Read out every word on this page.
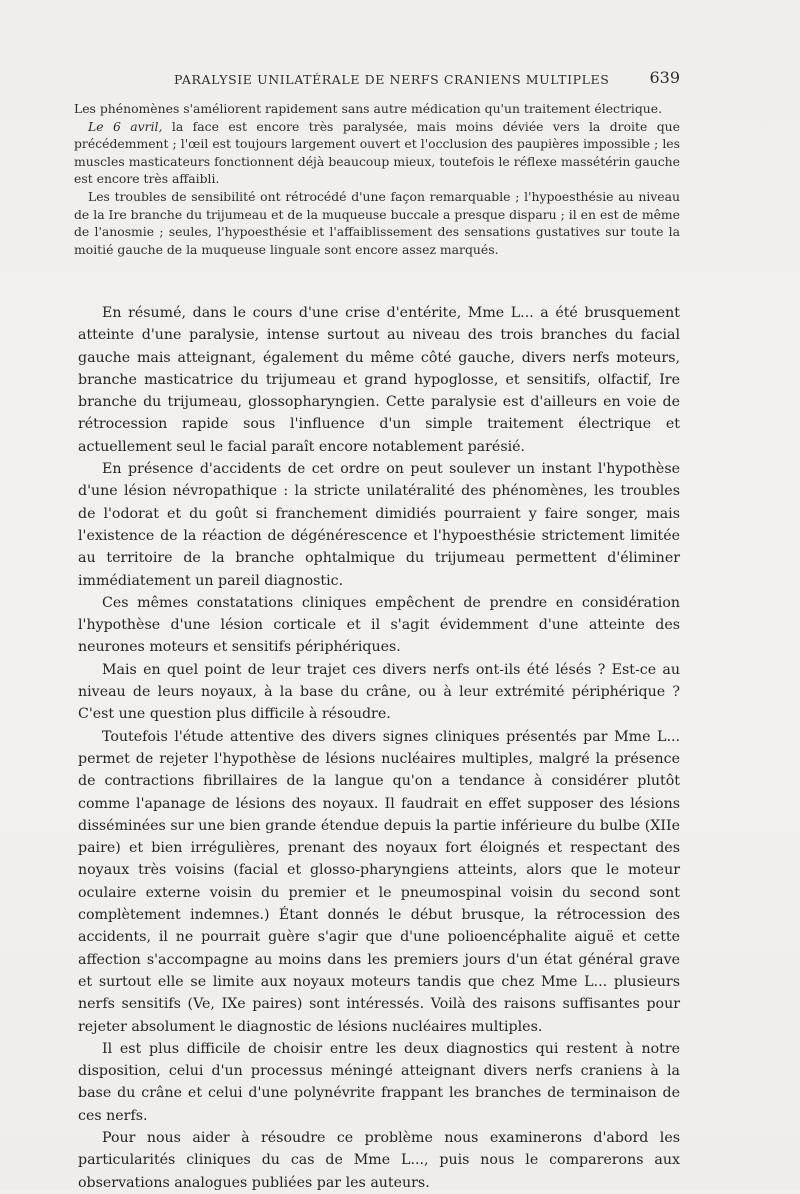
PARALYSIE UNILATÉRALE DE NERFS CRANIENS MULTIPLES	639

Les phénomènes s'améliorent rapidement sans autre médication qu'un traitement électrique.

Le 6 avril, la face est encore très paralysée, mais moins déviée vers la droite que précédemment ; l'œil est toujours largement ouvert et l'occlusion des paupières impossible ; les muscles masticateurs fonctionnent déjà beaucoup mieux, toutefois le réflexe massétérin gauche est encore très affaibli.

Les troubles de sensibilité ont rétrocédé d'une façon remarquable ; l'hypoesthésie au niveau de la Ire branche du trijumeau et de la muqueuse buccale a presque disparu ; il en est de même de l'anosmie ; seules, l'hypoesthésie et l'affaiblissement des sensations gustatives sur toute la moitié gauche de la muqueuse linguale sont encore assez marqués.

En résumé, dans le cours d'une crise d'entérite, Mme L... a été brusquement atteinte d'une paralysie, intense surtout au niveau des trois branches du facial gauche mais atteignant, également du même côté gauche, divers nerfs moteurs, branche masticatrice du trijumeau et grand hypoglosse, et sensitifs, olfactif, Ire branche du trijumeau, glossopharyngien. Cette paralysie est d'ailleurs en voie de rétrocession rapide sous l'influence d'un simple traitement électrique et actuellement seul le facial paraît encore notablement parésié.

En présence d'accidents de cet ordre on peut soulever un instant l'hypothèse d'une lésion névropathique : la stricte unilatéralité des phénomènes, les troubles de l'odorat et du goût si franchement dimidiés pourraient y faire songer, mais l'existence de la réaction de dégénérescence et l'hypoesthésie strictement limitée au territoire de la branche ophtalmique du trijumeau permettent d'éliminer immédiatement un pareil diagnostic.

Ces mêmes constatations cliniques empêchent de prendre en considération l'hypothèse d'une lésion corticale et il s'agit évidemment d'une atteinte des neurones moteurs et sensitifs périphériques.

Mais en quel point de leur trajet ces divers nerfs ont-ils été lésés ? Est-ce au niveau de leurs noyaux, à la base du crâne, ou à leur extrémité périphérique ? C'est une question plus difficile à résoudre.

Toutefois l'étude attentive des divers signes cliniques présentés par Mme L... permet de rejeter l'hypothèse de lésions nucléaires multiples, malgré la présence de contractions fibrillaires de la langue qu'on a tendance à considérer plutôt comme l'apanage de lésions des noyaux. Il faudrait en effet supposer des lésions disséminées sur une bien grande étendue depuis la partie inférieure du bulbe (XIIe paire) et bien irrégulières, prenant des noyaux fort éloignés et respectant des noyaux très voisins (facial et glosso-pharyngiens atteints, alors que le moteur oculaire externe voisin du premier et le pneumospinal voisin du second sont complètement indemnes.) Étant donnés le début brusque, la rétrocession des accidents, il ne pourrait guère s'agir que d'une polioencéphalite aiguë et cette affection s'accompagne au moins dans les premiers jours d'un état général grave et surtout elle se limite aux noyaux moteurs tandis que chez Mme L... plusieurs nerfs sensitifs (Ve, IXe paires) sont intéressés. Voilà des raisons suffisantes pour rejeter absolument le diagnostic de lésions nucléaires multiples.

Il est plus difficile de choisir entre les deux diagnostics qui restent à notre disposition, celui d'un processus méningé atteignant divers nerfs craniens à la base du crâne et celui d'une polynévrite frappant les branches de terminaison de ces nerfs.

Pour nous aider à résoudre ce problème nous examinerons d'abord les particularités cliniques du cas de Mme L..., puis nous le comparerons aux observations analogues publiées par les auteurs.
